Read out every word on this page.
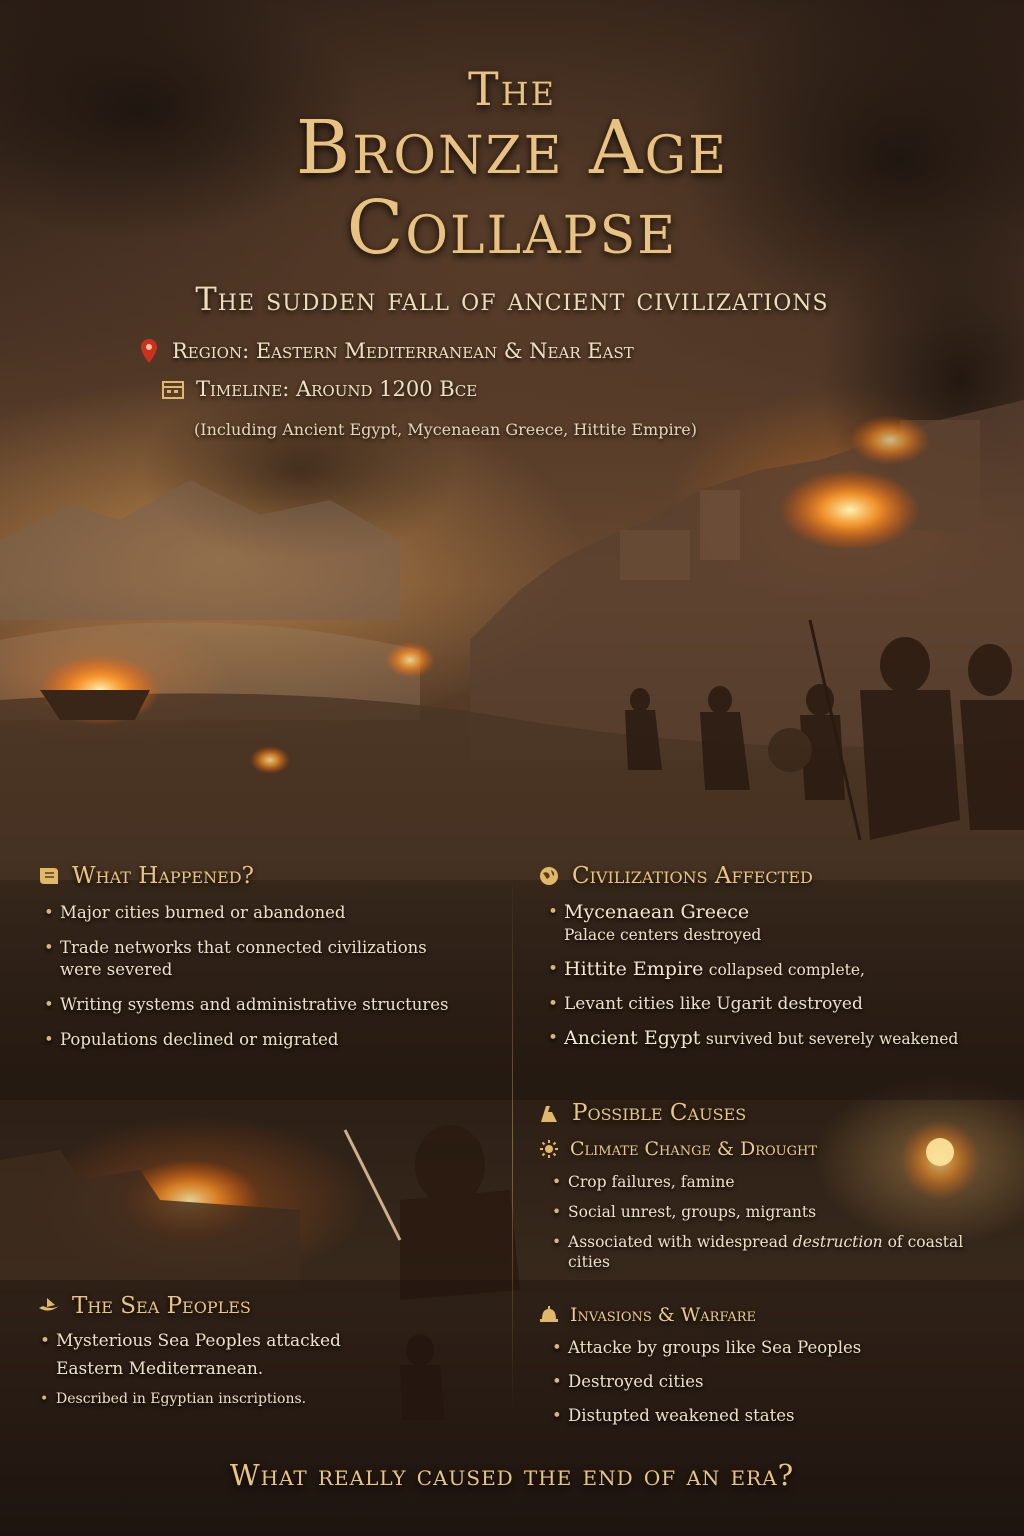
The
Bronze Age
Collapse
The sudden fall of ancient civilizations
Region: Eastern Mediterranean & Near East
Timeline: Around 1200 Bce
(Including Ancient Egypt, Mycenaean Greece, Hittite Empire)
What Happened?
• Major cities burned or abandoned
• Trade networks that connected civilizations were severed
• Writing systems and administrative structures
• Populations declined or migrated
Civilizations Affected
• Mycenaean Greece
Palace centers destroyed
• Hittite Empire collapsed complete,
• Levant cities like Ugarit destroyed
• Ancient Egypt survived but severely weakened
Possible Causes
Climate Change & Drought
• Crop failures, famine
• Social unrest, groups, migrants
• Associated with widespread destruction of coastal cities
Invasions & Warfare
• Attacke by groups like Sea Peoples
• Destroyed cities
• Distupted weakened states
The Sea Peoples
• Mysterious Sea Peoples attacked Eastern Mediterranean.
• Described in Egyptian inscriptions.
What really caused the end of an era?
